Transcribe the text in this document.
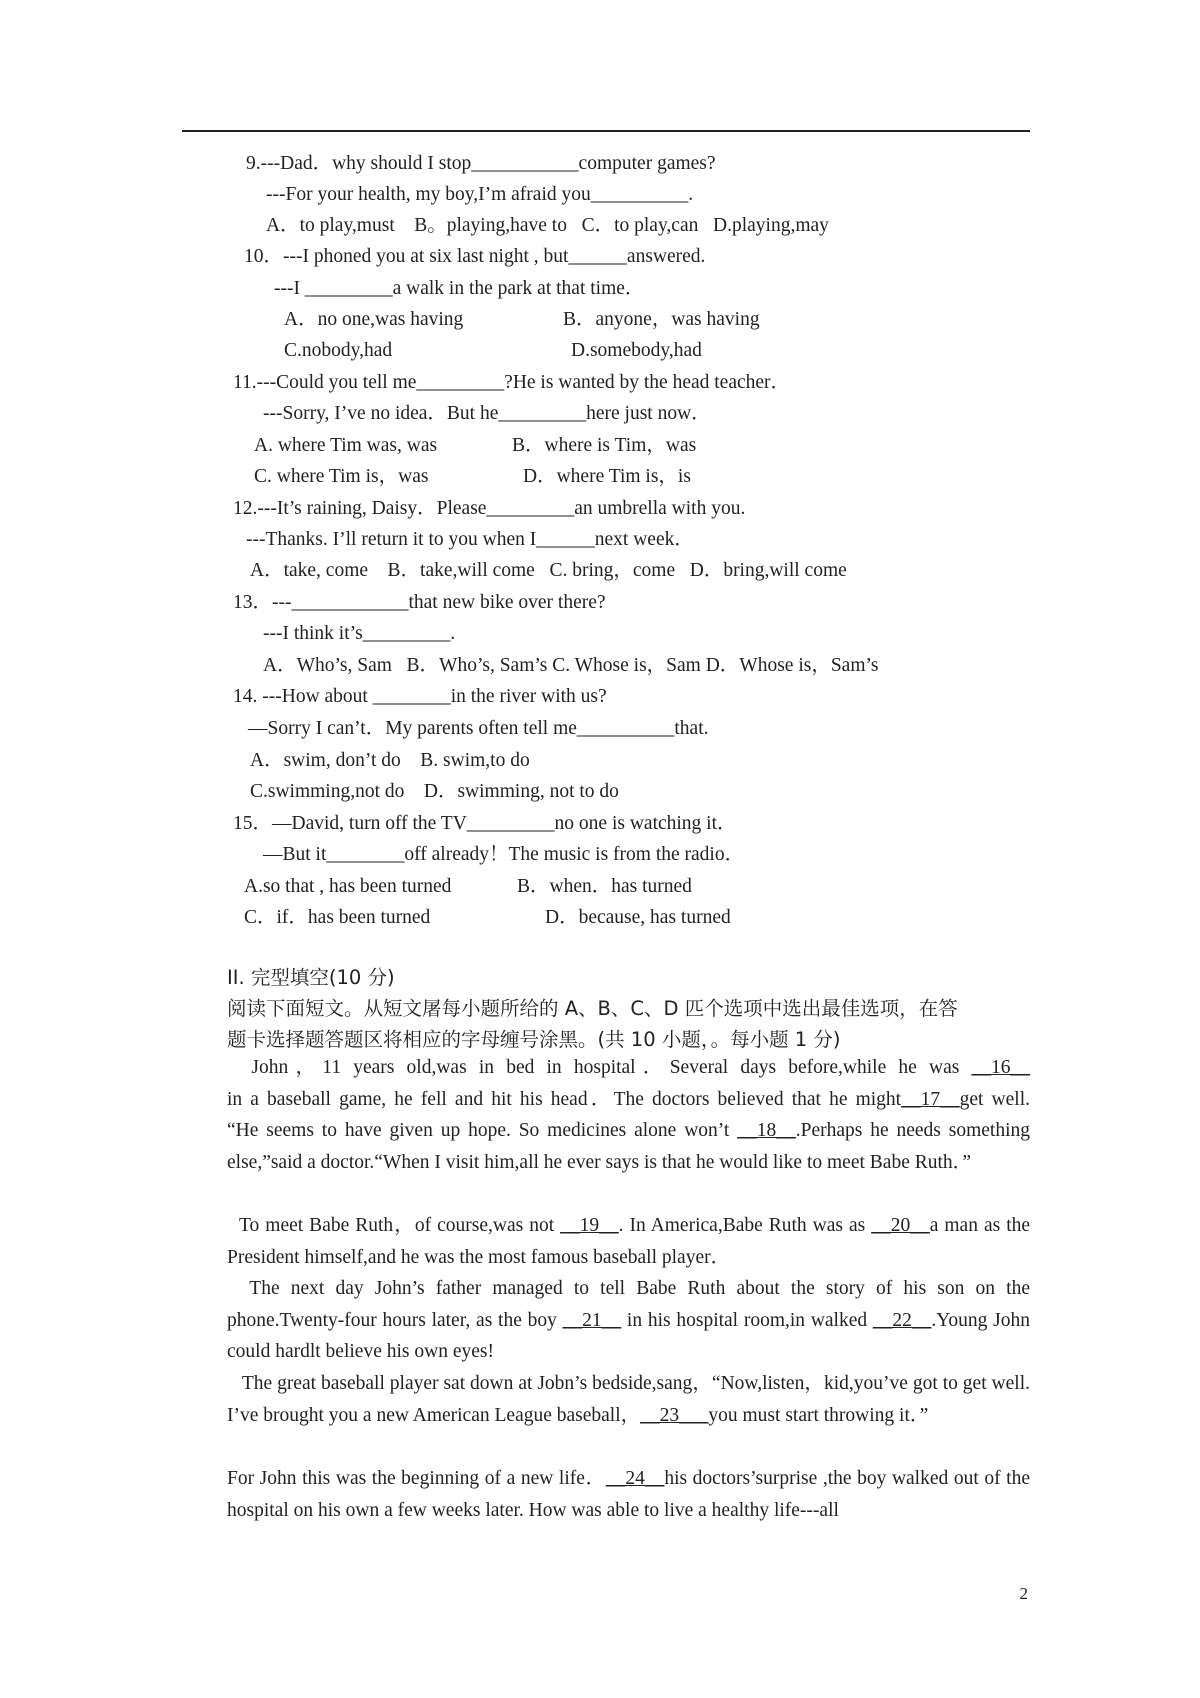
9.---Dad．why should I stop___________computer games?
---For your health, my boy,I’m afraid you__________.
A．to play,must    B。playing,have to   C．to play,can   D.playing,may
10．---I phoned you at six last night , but______answered.
---I _________a walk in the park at that time．
A．no one,was having	B．anyone，was having
C.nobody,had	D.somebody,had
11.---Could you tell me_________?He is wanted by the head teacher．
---Sorry, I’ve no idea．But he_________here just now．
A. where Tim was, was	B．where is Tim，was
C. where Tim is，was	D．where Tim is，is
12.---It’s raining, Daisy．Please_________an umbrella with you.
---Thanks. I’ll return it to you when I______next week．
A．take, come    B．take,will come   C. bring，come   D．bring,will come
13．---____________that new bike over there?
---I think it’s_________.
A．Who’s, Sam   B．Who’s, Sam’s C. Whose is，Sam D．Whose is，Sam’s
14. ---How about ________in the river with us?
—Sorry I can’t．My parents often tell me__________that.
A．swim, don’t do    B. swim,to do
C.swimming,not do    D．swimming, not to do
15．—David, turn off the TV_________no one is watching it．
—But it________off already！The music is from the radio．
A.so that , has been turned	B．when．has turned
C．if．has been turned	D．because, has turned
II. 完型填空(10 分)
阅读下面短文。从短文屠每小题所给的 A、B、C、D 匹个选项中选出最佳选项，在答
题卡选择题答题区将相应的字母缠号涂黑。(共 10 小题，。每小题 1 分)
John，11 years old,was in bed in hospital．Several days before,while he was __16__
in a baseball game, he fell and hit his head．The doctors believed that he might__17__get well.
“He seems to have given up hope. So medicines alone won’t __18__.Perhaps he needs something else,”said a doctor.“When I visit him,all he ever says is that he would like to meet Babe Ruth．”
To meet Babe Ruth，of course,was not __19__. In America,Babe Ruth was as __20__a man as the President himself,and he was the most famous baseball player．
The next day John’s father managed to tell Babe Ruth about the story of his son on the phone.Twenty-four hours later, as the boy __21__ in his hospital room,in walked __22__.Young John could hardlt believe his own eyes!
The great baseball player sat down at Jobn’s bedside,sang，“Now,listen，kid,you’ve got to get well. I’ve brought you a new American League baseball，__23___you must start throwing it．”
For John this was the beginning of a new life．__24__his doctors’surprise ,the boy walked out of the hospital on his own a few weeks later. How was able to live a healthy life---all
2
